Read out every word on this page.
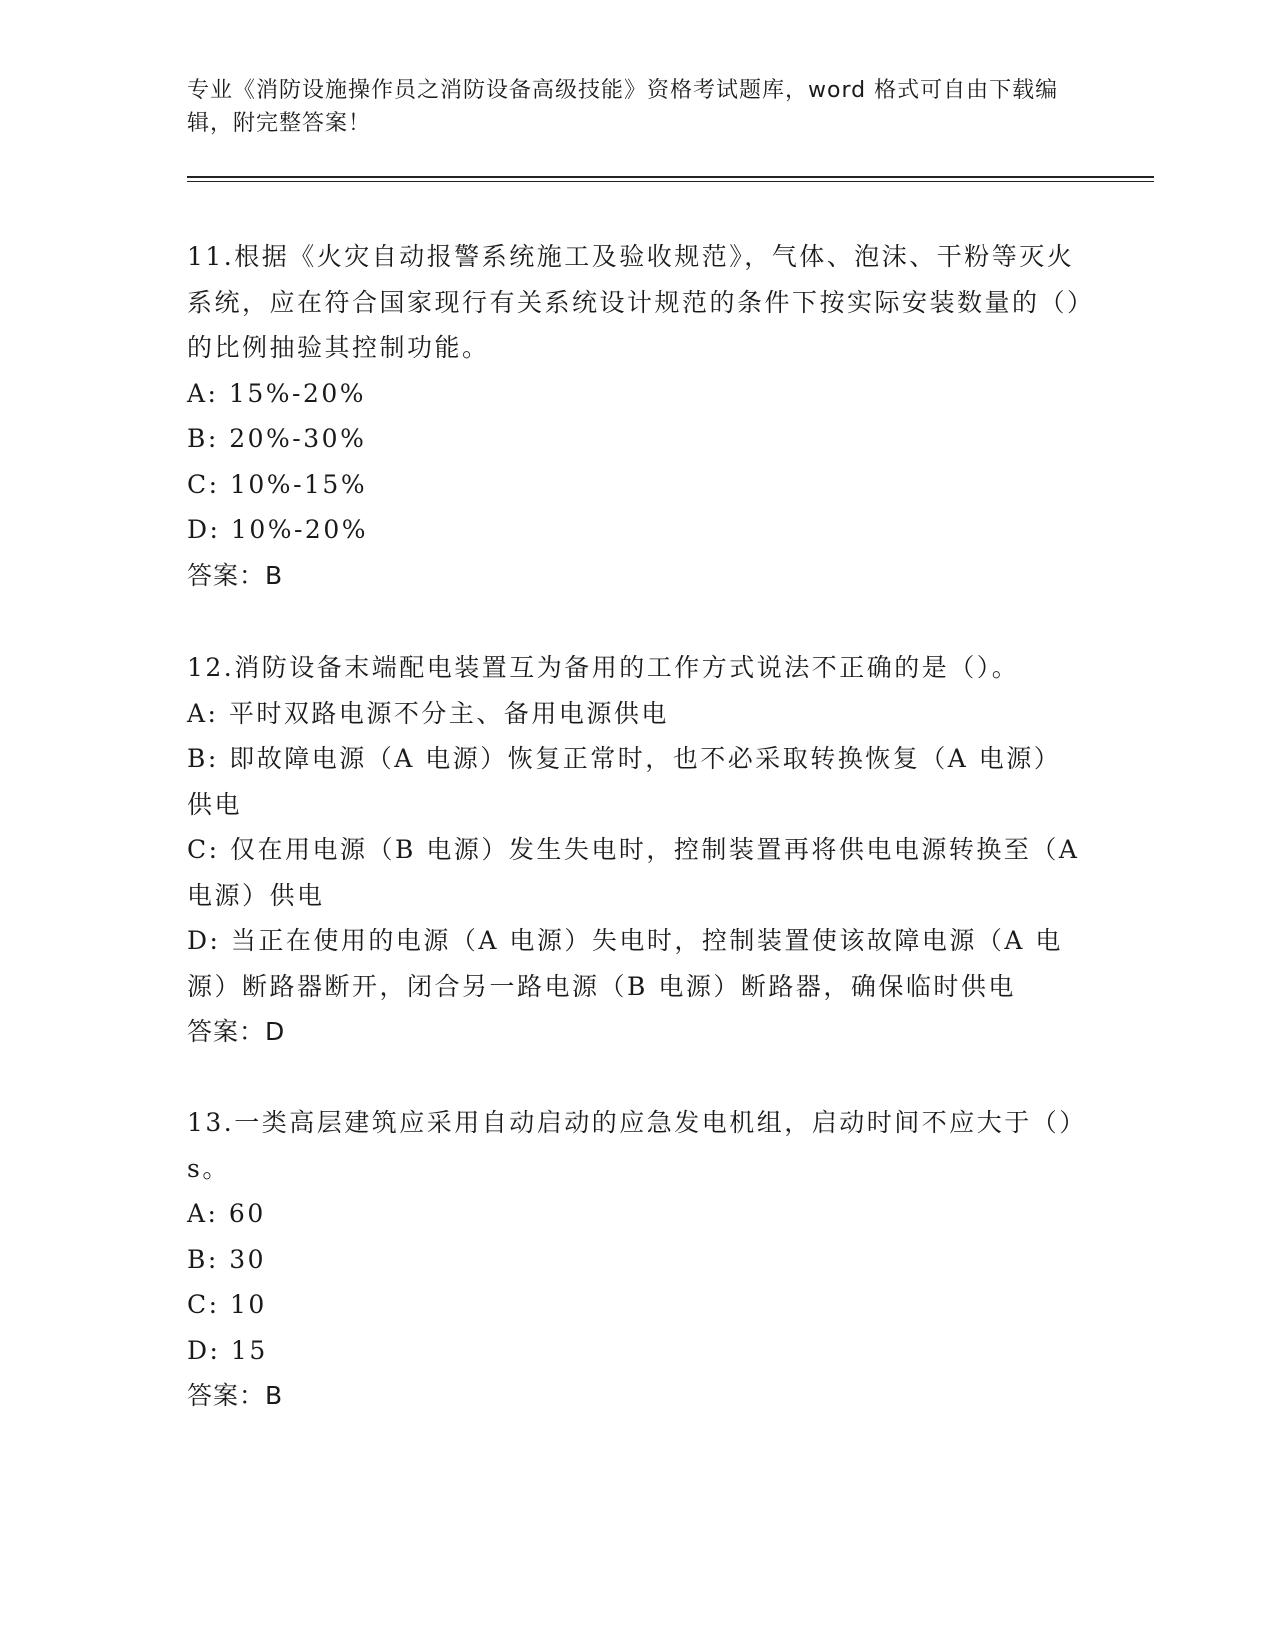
专业《消防设施操作员之消防设备高级技能》资格考试题库，word 格式可自由下载编辑，附完整答案！

11.根据《火灾自动报警系统施工及验收规范》，气体、泡沫、干粉等灭火系统，应在符合国家现行有关系统设计规范的条件下按实际安装数量的（）的比例抽验其控制功能。

A: 15%-20%

B: 20%-30%

C: 10%-15%

D: 10%-20%

答案：B

12.消防设备末端配电装置互为备用的工作方式说法不正确的是（）。

A: 平时双路电源不分主、备用电源供电

B: 即故障电源（A 电源）恢复正常时，也不必采取转换恢复（A 电源）供电

C: 仅在用电源（B 电源）发生失电时，控制装置再将供电电源转换至（A 电源）供电

D: 当正在使用的电源（A 电源）失电时，控制装置使该故障电源（A 电源）断路器断开，闭合另一路电源（B 电源）断路器，确保临时供电

答案：D

13.一类高层建筑应采用自动启动的应急发电机组，启动时间不应大于（）s。

A: 60

B: 30

C: 10

D: 15

答案：B
